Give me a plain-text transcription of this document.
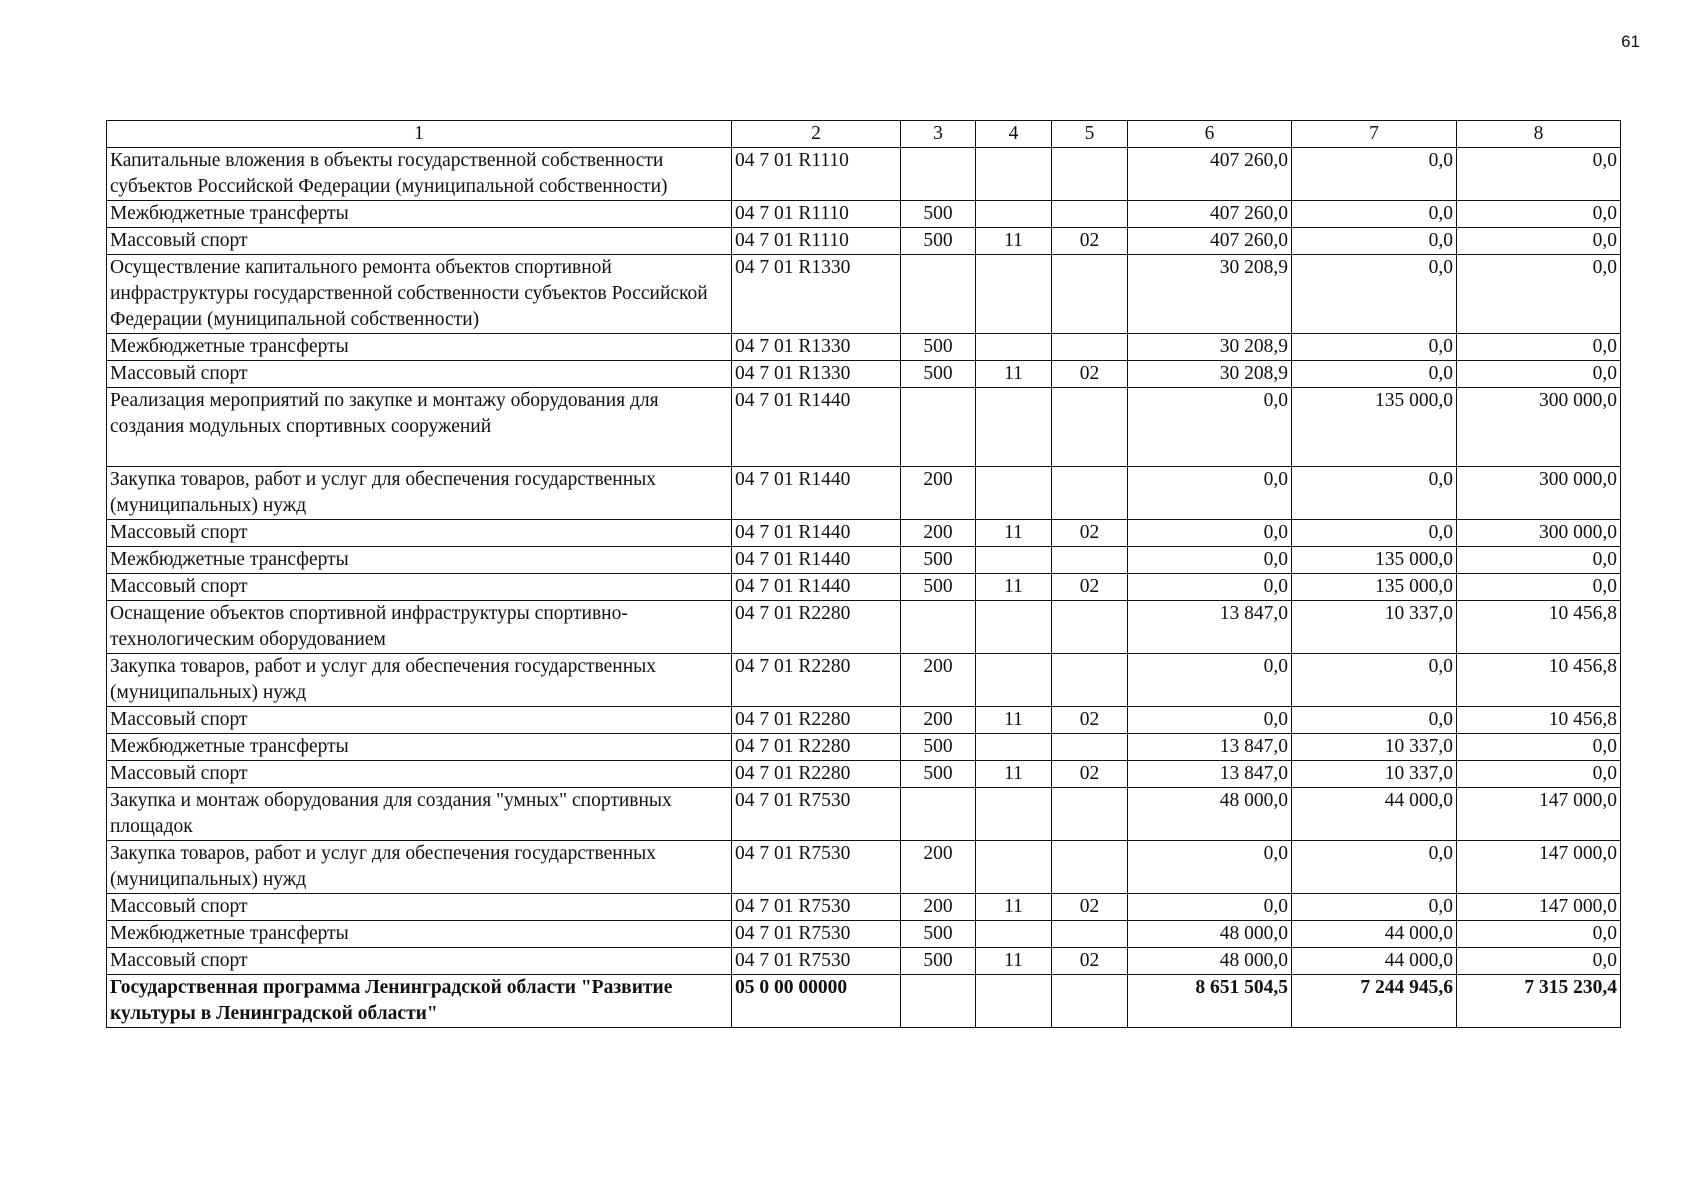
61
1	2	3	4	5	6	7	8
Капитальные вложения в объекты государственной собственности субъектов Российской Федерации (муниципальной собственности)	04 7 01 R1110				407 260,0	0,0	0,0
Межбюджетные трансферты	04 7 01 R1110	500			407 260,0	0,0	0,0
Массовый спорт	04 7 01 R1110	500	11	02	407 260,0	0,0	0,0
Осуществление капитального ремонта объектов спортивной инфраструктуры государственной собственности субъектов Российской Федерации (муниципальной собственности)	04 7 01 R1330				30 208,9	0,0	0,0
Межбюджетные трансферты	04 7 01 R1330	500			30 208,9	0,0	0,0
Массовый спорт	04 7 01 R1330	500	11	02	30 208,9	0,0	0,0
Реализация мероприятий по закупке и монтажу оборудования для создания модульных спортивных сооружений	04 7 01 R1440				0,0	135 000,0	300 000,0
Закупка товаров, работ и услуг для обеспечения государственных (муниципальных) нужд	04 7 01 R1440	200			0,0	0,0	300 000,0
Массовый спорт	04 7 01 R1440	200	11	02	0,0	0,0	300 000,0
Межбюджетные трансферты	04 7 01 R1440	500			0,0	135 000,0	0,0
Массовый спорт	04 7 01 R1440	500	11	02	0,0	135 000,0	0,0
Оснащение объектов спортивной инфраструктуры спортивно-технологическим оборудованием	04 7 01 R2280				13 847,0	10 337,0	10 456,8
Закупка товаров, работ и услуг для обеспечения государственных (муниципальных) нужд	04 7 01 R2280	200			0,0	0,0	10 456,8
Массовый спорт	04 7 01 R2280	200	11	02	0,0	0,0	10 456,8
Межбюджетные трансферты	04 7 01 R2280	500			13 847,0	10 337,0	0,0
Массовый спорт	04 7 01 R2280	500	11	02	13 847,0	10 337,0	0,0
Закупка и монтаж оборудования для создания "умных" спортивных площадок	04 7 01 R7530				48 000,0	44 000,0	147 000,0
Закупка товаров, работ и услуг для обеспечения государственных (муниципальных) нужд	04 7 01 R7530	200			0,0	0,0	147 000,0
Массовый спорт	04 7 01 R7530	200	11	02	0,0	0,0	147 000,0
Межбюджетные трансферты	04 7 01 R7530	500			48 000,0	44 000,0	0,0
Массовый спорт	04 7 01 R7530	500	11	02	48 000,0	44 000,0	0,0
Государственная программа Ленинградской области "Развитие культуры в Ленинградской области"	05 0 00 00000				8 651 504,5	7 244 945,6	7 315 230,4
